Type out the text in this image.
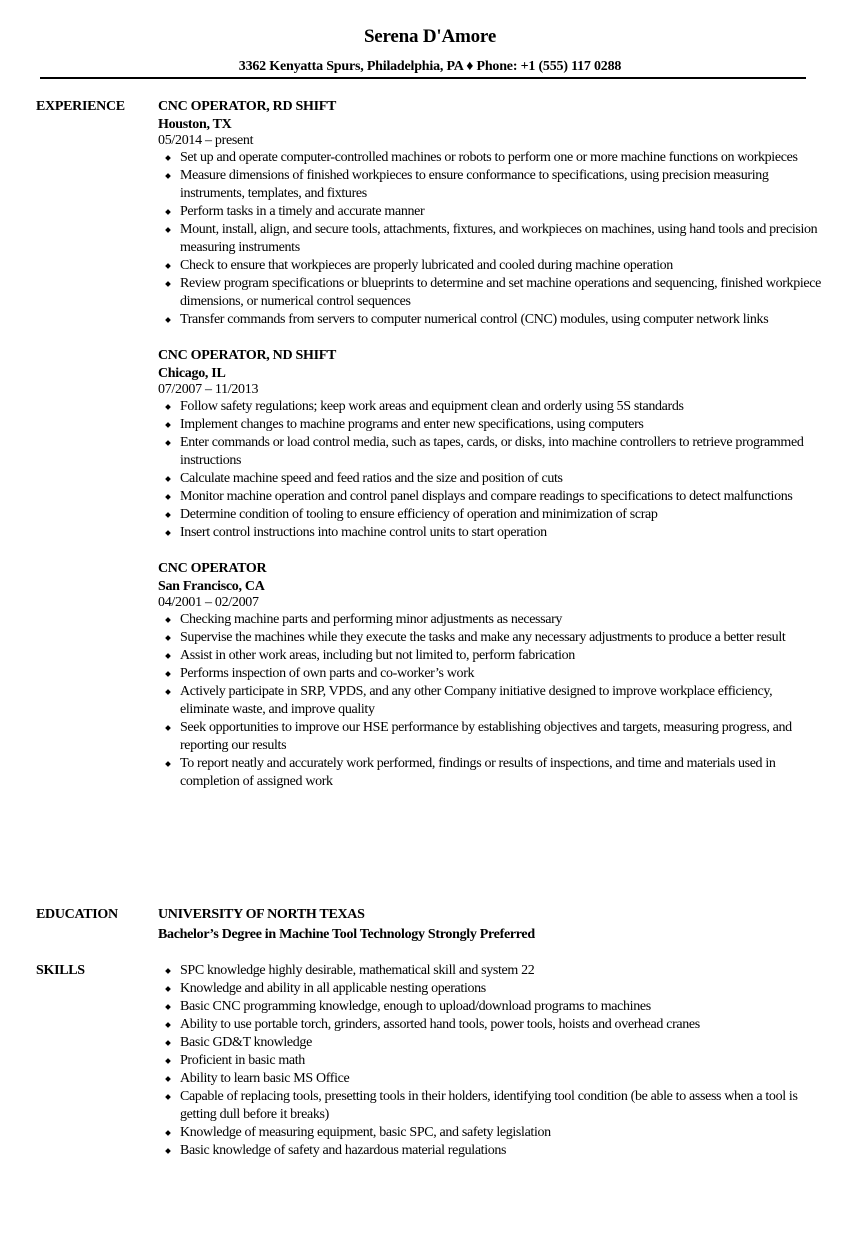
Serena D'Amore
3362 Kenyatta Spurs, Philadelphia, PA ♦ Phone: +1 (555) 117 0288
EXPERIENCE CNC OPERATOR, RD SHIFT
Houston, TX
05/2014 – present
Set up and operate computer-controlled machines or robots to perform one or more machine functions on workpieces
Measure dimensions of finished workpieces to ensure conformance to specifications, using precision measuring instruments, templates, and fixtures
Perform tasks in a timely and accurate manner
Mount, install, align, and secure tools, attachments, fixtures, and workpieces on machines, using hand tools and precision measuring instruments
Check to ensure that workpieces are properly lubricated and cooled during machine operation
Review program specifications or blueprints to determine and set machine operations and sequencing, finished workpiece dimensions, or numerical control sequences
Transfer commands from servers to computer numerical control (CNC) modules, using computer network links
CNC OPERATOR, ND SHIFT
Chicago, IL
07/2007 – 11/2013
Follow safety regulations; keep work areas and equipment clean and orderly using 5S standards
Implement changes to machine programs and enter new specifications, using computers
Enter commands or load control media, such as tapes, cards, or disks, into machine controllers to retrieve programmed instructions
Calculate machine speed and feed ratios and the size and position of cuts
Monitor machine operation and control panel displays and compare readings to specifications to detect malfunctions
Determine condition of tooling to ensure efficiency of operation and minimization of scrap
Insert control instructions into machine control units to start operation
CNC OPERATOR
San Francisco, CA
04/2001 – 02/2007
Checking machine parts and performing minor adjustments as necessary
Supervise the machines while they execute the tasks and make any necessary adjustments to produce a better result
Assist in other work areas, including but not limited to, perform fabrication
Performs inspection of own parts and co-worker’s work
Actively participate in SRP, VPDS, and any other Company initiative designed to improve workplace efficiency, eliminate waste, and improve quality
Seek opportunities to improve our HSE performance by establishing objectives and targets, measuring progress, and reporting our results
To report neatly and accurately work performed, findings or results of inspections, and time and materials used in completion of assigned work
EDUCATION	UNIVERSITY OF NORTH TEXAS
Bachelor’s Degree in Machine Tool Technology Strongly Preferred
SKILLS	SPC knowledge highly desirable, mathematical skill and system 22
Knowledge and ability in all applicable nesting operations
Basic CNC programming knowledge, enough to upload/download programs to machines
Ability to use portable torch, grinders, assorted hand tools, power tools, hoists and overhead cranes
Basic GD&T knowledge
Proficient in basic math
Ability to learn basic MS Office
Capable of replacing tools, presetting tools in their holders, identifying tool condition (be able to assess when a tool is getting dull before it breaks)
Knowledge of measuring equipment, basic SPC, and safety legislation
Basic knowledge of safety and hazardous material regulations
